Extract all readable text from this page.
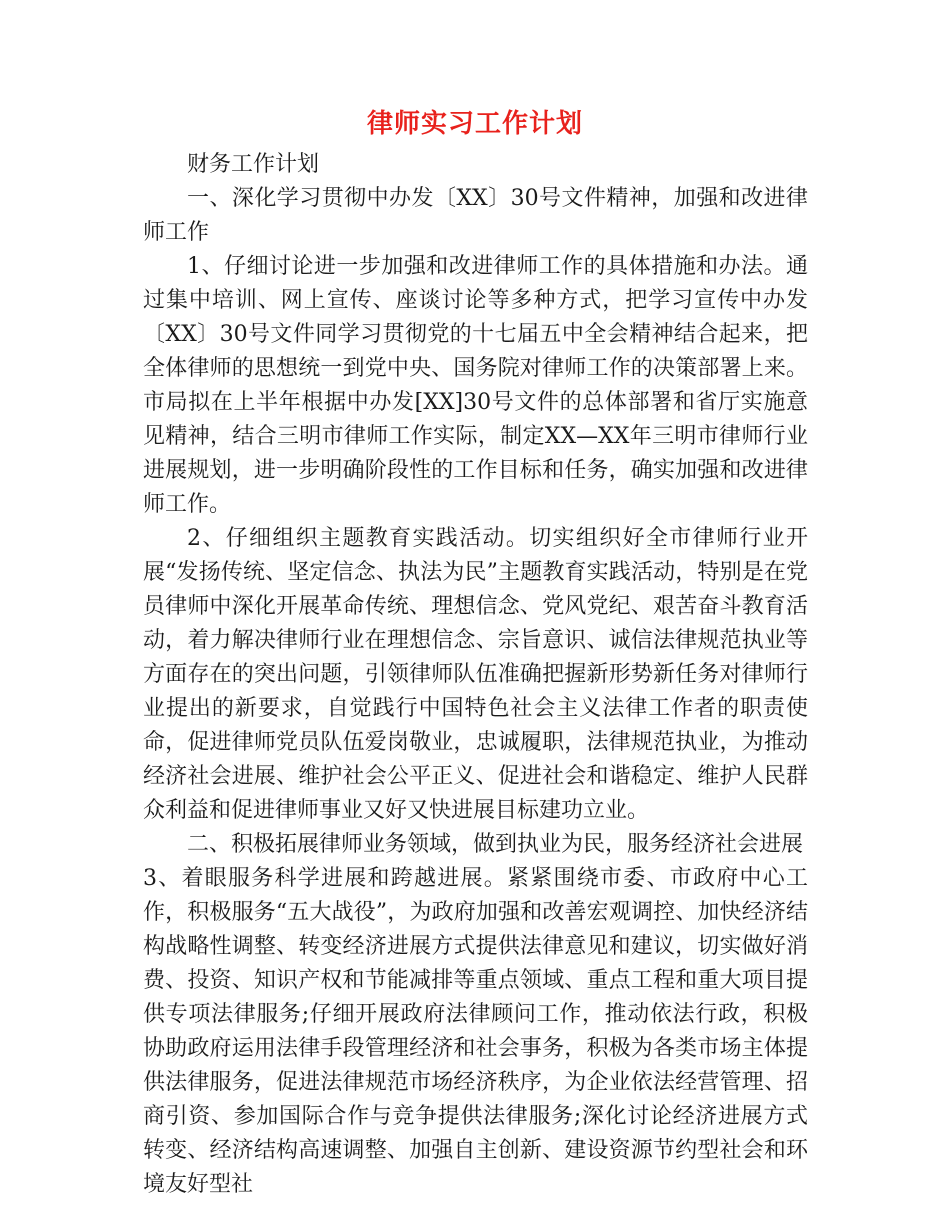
律师实习工作计划

财务工作计划

一、深化学习贯彻中办发〔XX〕30号文件精神，加强和改进律师工作

1、仔细讨论进一步加强和改进律师工作的具体措施和办法。通过集中培训、网上宣传、座谈讨论等多种方式，把学习宣传中办发〔XX〕30号文件同学习贯彻党的十七届五中全会精神结合起来，把全体律师的思想统一到党中央、国务院对律师工作的决策部署上来。市局拟在上半年根据中办发[XX]30号文件的总体部署和省厅实施意见精神，结合三明市律师工作实际，制定XX—XX年三明市律师行业进展规划，进一步明确阶段性的工作目标和任务，确实加强和改进律师工作。

2、仔细组织主题教育实践活动。切实组织好全市律师行业开展“发扬传统、坚定信念、执法为民”主题教育实践活动，特别是在党员律师中深化开展革命传统、理想信念、党风党纪、艰苦奋斗教育活动，着力解决律师行业在理想信念、宗旨意识、诚信法律规范执业等方面存在的突出问题，引领律师队伍准确把握新形势新任务对律师行业提出的新要求，自觉践行中国特色社会主义法律工作者的职责使命，促进律师党员队伍爱岗敬业，忠诚履职，法律规范执业，为推动经济社会进展、维护社会公平正义、促进社会和谐稳定、维护人民群众利益和促进律师事业又好又快进展目标建功立业。

二、积极拓展律师业务领域，做到执业为民，服务经济社会进展

3、着眼服务科学进展和跨越进展。紧紧围绕市委、市政府中心工作，积极服务“五大战役”，为政府加强和改善宏观调控、加快经济结构战略性调整、转变经济进展方式提供法律意见和建议，切实做好消费、投资、知识产权和节能减排等重点领域、重点工程和重大项目提供专项法律服务;仔细开展政府法律顾问工作，推动依法行政，积极协助政府运用法律手段管理经济和社会事务，积极为各类市场主体提供法律服务，促进法律规范市场经济秩序，为企业依法经营管理、招商引资、参加国际合作与竞争提供法律服务;深化讨论经济进展方式转变、经济结构高速调整、加强自主创新、建设资源节约型社会和环境友好型社
